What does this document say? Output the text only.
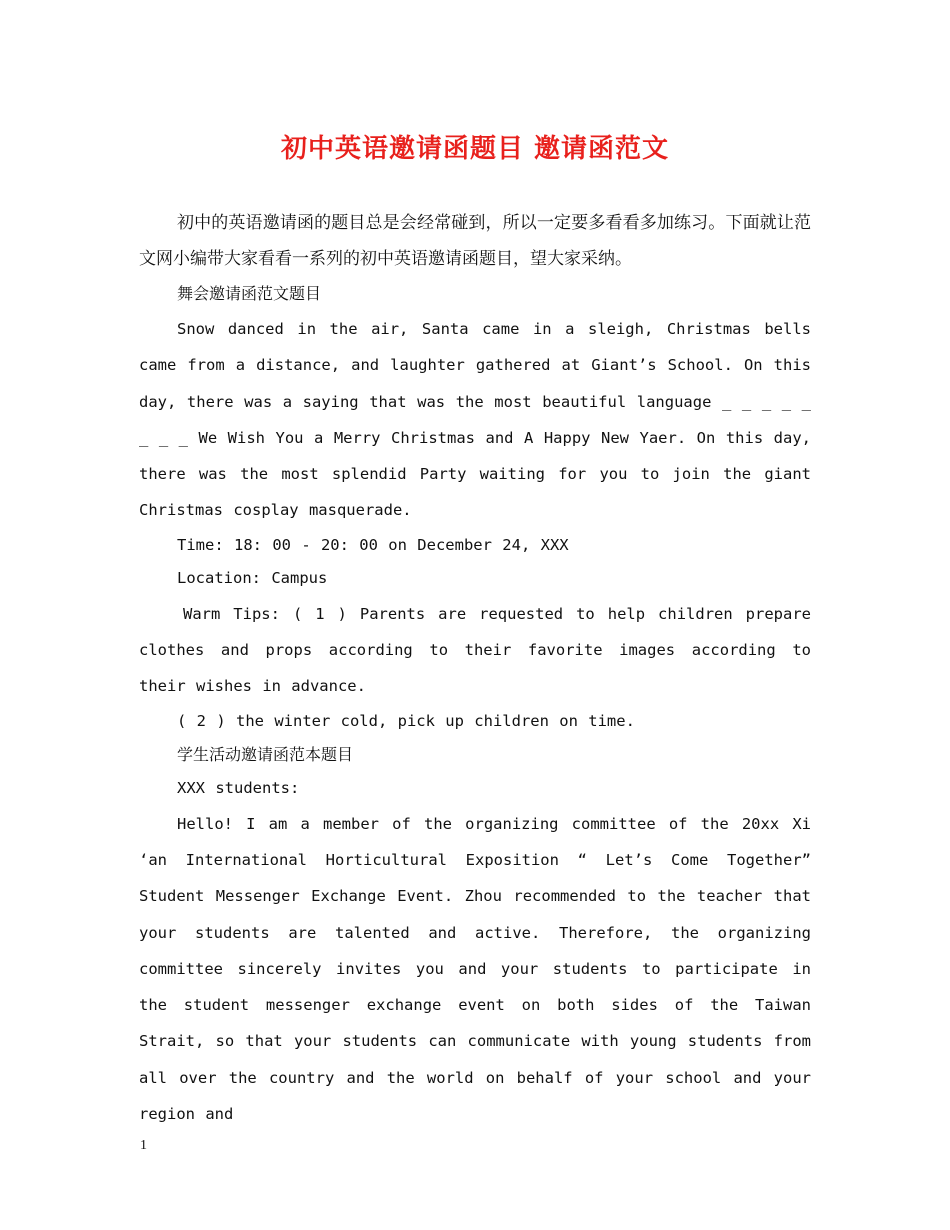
初中英语邀请函题目 邀请函范文

初中的英语邀请函的题目总是会经常碰到，所以一定要多看看多加练习。下面就让范文网小编带大家看看一系列的初中英语邀请函题目，望大家采纳。

舞会邀请函范文题目

Snow danced in the air, Santa came in a sleigh, Christmas bells came from a distance, and laughter gathered at Giant’s School. On this day, there was a saying that was the most beautiful language _ _ _ _ _ _ _ _ We Wish You a Merry Christmas and A Happy New Yaer. On this day, there was the most splendid Party waiting for you to join the giant Christmas cosplay masquerade.

Time: 18: 00 - 20: 00 on December 24, XXX

Location: Campus

Warm Tips: ( 1 ) Parents are requested to help children prepare clothes and props according to their favorite images according to their wishes in advance.

( 2 ) the winter cold, pick up children on time.

学生活动邀请函范本题目

XXX students:

Hello! I am a member of the organizing committee of the 20xx Xi ‘an International Horticultural Exposition “ Let’s Come Together” Student Messenger Exchange Event. Zhou recommended to the teacher that your students are talented and active. Therefore, the organizing committee sincerely invites you and your students to participate in the student messenger exchange event on both sides of the Taiwan Strait, so that your students can communicate with young students from all over the country and the world on behalf of your school and your region and

1
